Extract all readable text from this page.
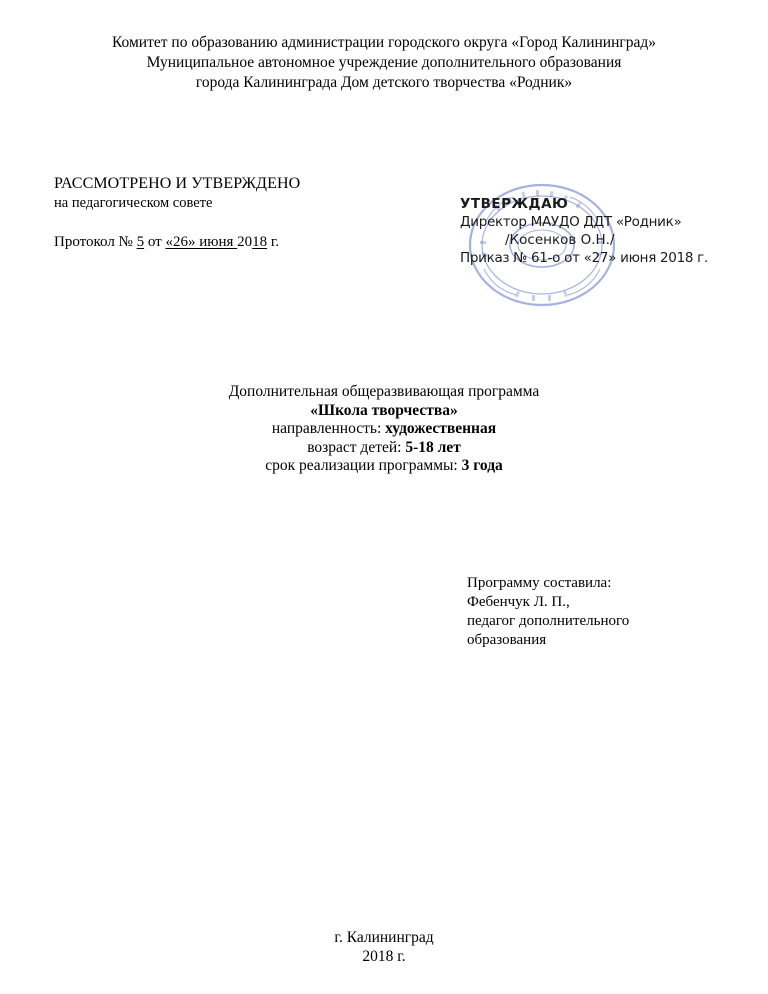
Комитет по образованию администрации городского округа «Город Калининград»
Муниципальное автономное учреждение дополнительного образования
города Калининграда Дом детского творчества «Родник»
РАССМОТРЕНО И УТВЕРЖДЕНО
на педагогическом совете
Протокол № 5 от «26» июня 2018 г.
УТВЕРЖДАЮ
Директор МАУДО ДДТ «Родник»
/Косенков О.Н./
Приказ № 61-о от «27» июня 2018 г.
Дополнительная общеразвивающая программа
«Школа творчества»
направленность: художественная
возраст детей: 5-18 лет
срок реализации программы: 3 года
Программу составила:
Фебенчук Л. П.,
педагог дополнительного
образования
г. Калининград
2018 г.
